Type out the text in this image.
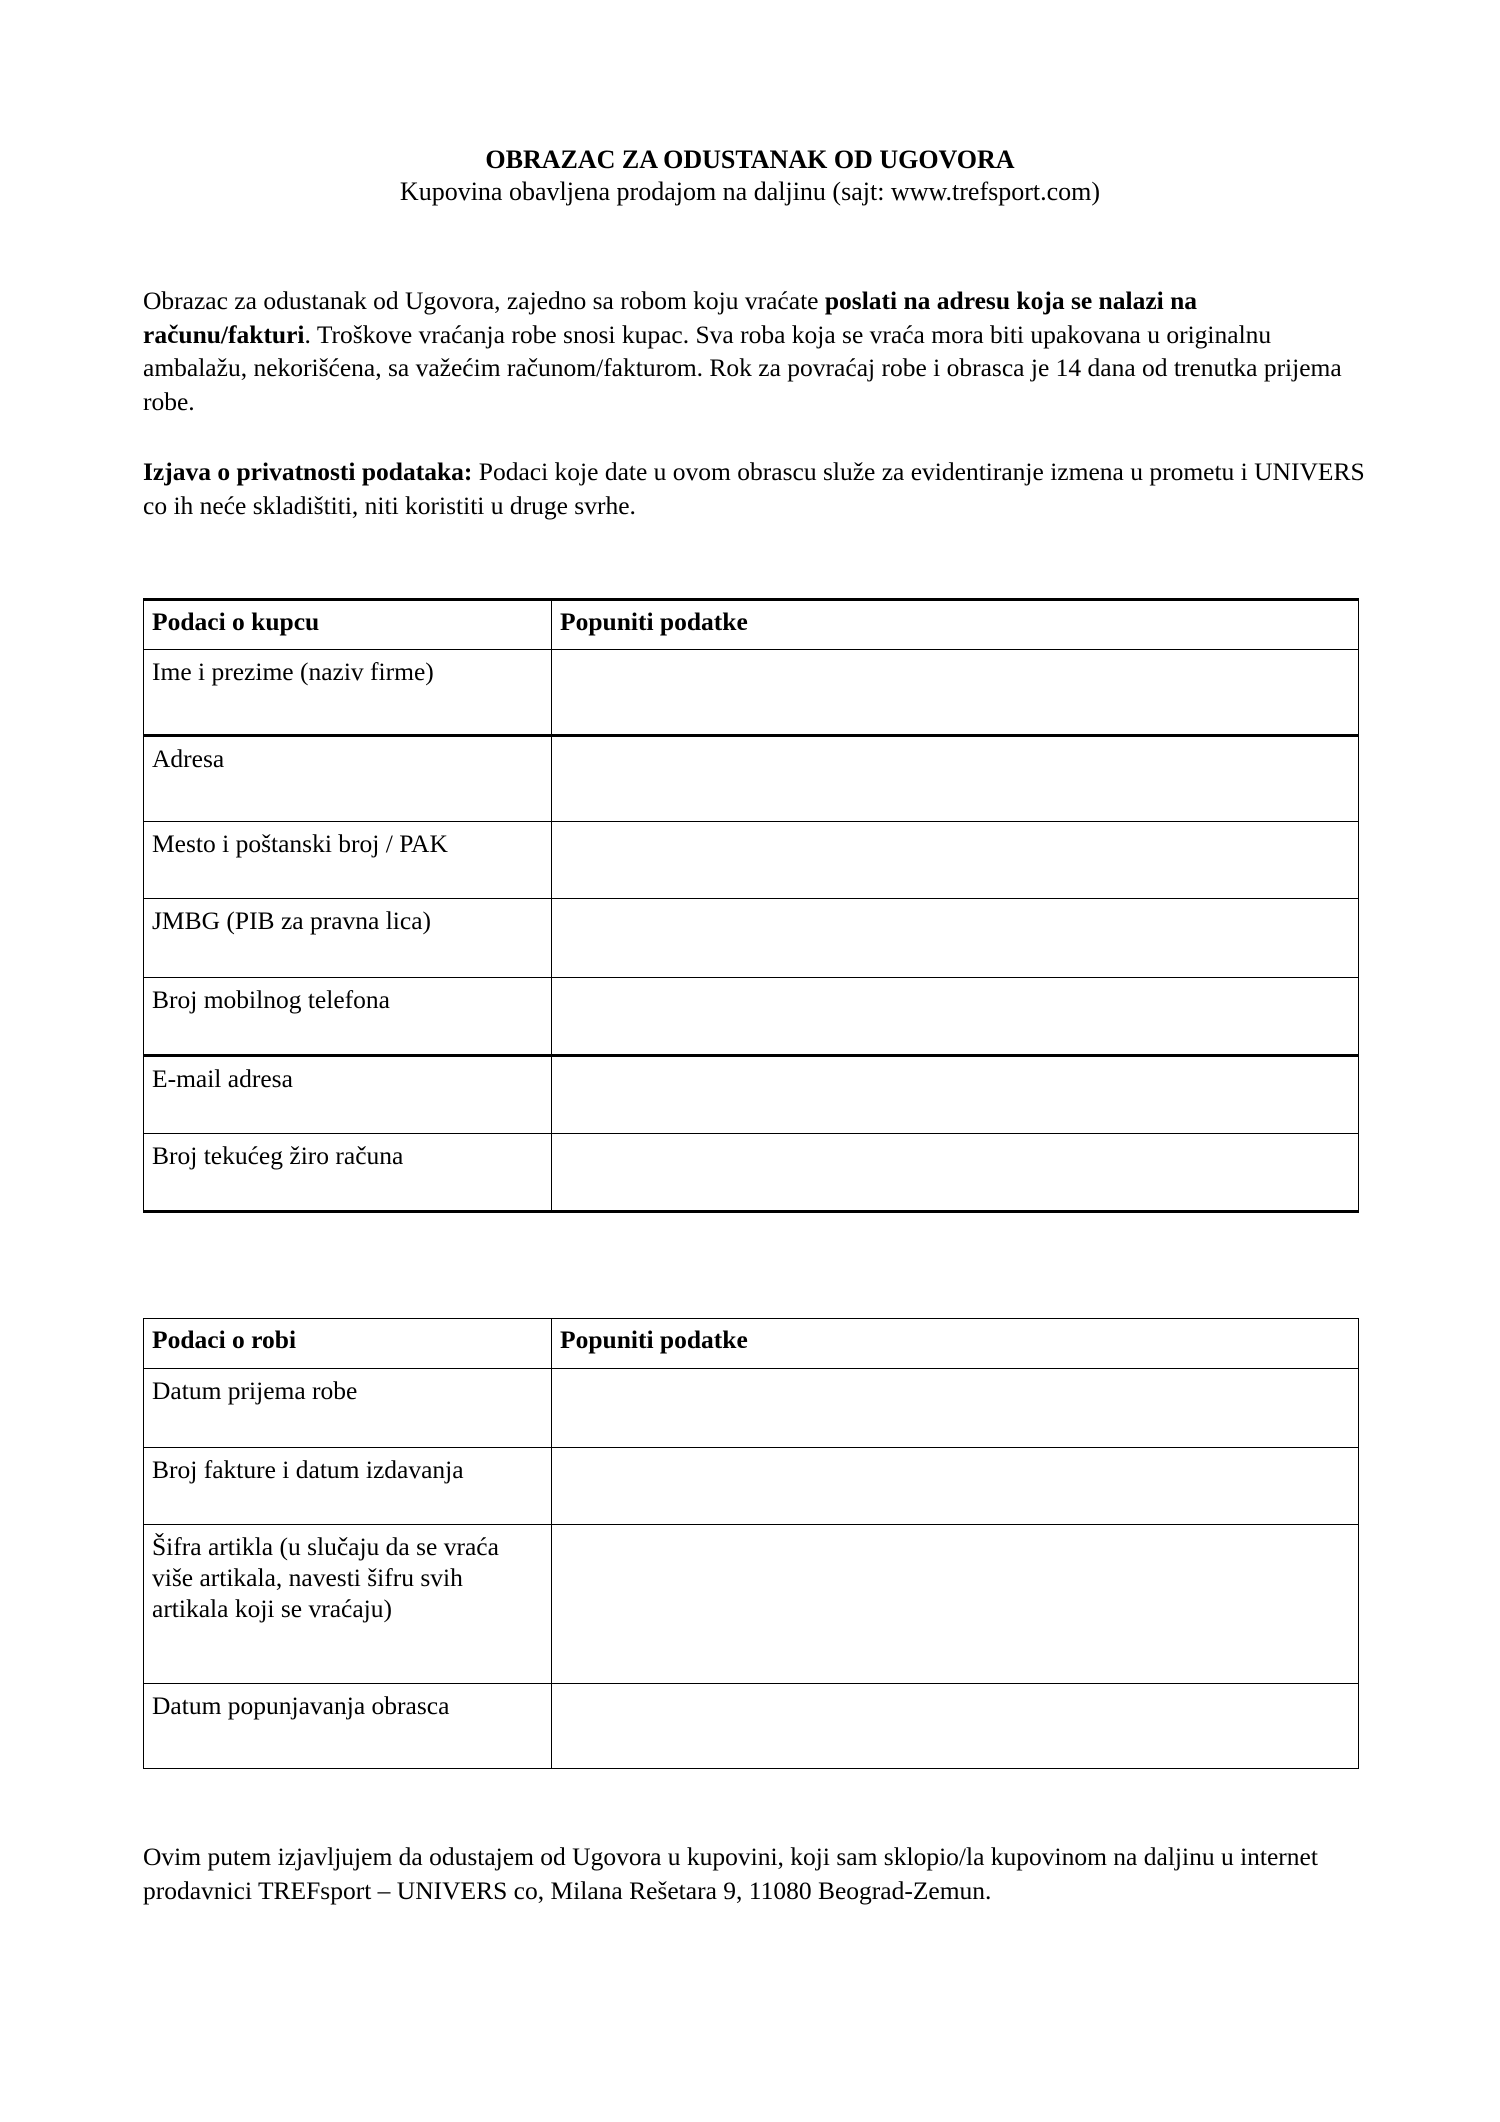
OBRAZAC ZA ODUSTANAK OD UGOVORA
Kupovina obavljena prodajom na daljinu (sajt: www.trefsport.com)

Obrazac za odustanak od Ugovora, zajedno sa robom koju vraćate poslati na adresu koja se nalazi na računu/fakturi. Troškove vraćanja robe snosi kupac. Sva roba koja se vraća mora biti upakovana u originalnu ambalažu, nekorišćena, sa važećim računom/fakturom. Rok za povraćaj robe i obrasca je 14 dana od trenutka prijema robe.

Izjava o privatnosti podataka: Podaci koje date u ovom obrascu služe za evidentiranje izmena u prometu i UNIVERS co ih neće skladištiti, niti koristiti u druge svrhe.

Podaci o kupcu	Popuniti podatke
Ime i prezime (naziv firme)	
Adresa	
Mesto i poštanski broj / PAK	
JMBG (PIB za pravna lica)	
Broj mobilnog telefona	
E-mail adresa	
Broj tekućeg žiro računa	
Podaci o robi	Popuniti podatke
Datum prijema robe	
Broj fakture i datum izdavanja	
Šifra artikla (u slučaju da se vraća više artikala, navesti šifru svih artikala koji se vraćaju)	
Datum popunjavanja obrasca	

Ovim putem izjavljujem da odustajem od Ugovora u kupovini, koji sam sklopio/la kupovinom na daljinu u internet prodavnici TREFsport – UNIVERS co, Milana Rešetara 9, 11080 Beograd-Zemun.
